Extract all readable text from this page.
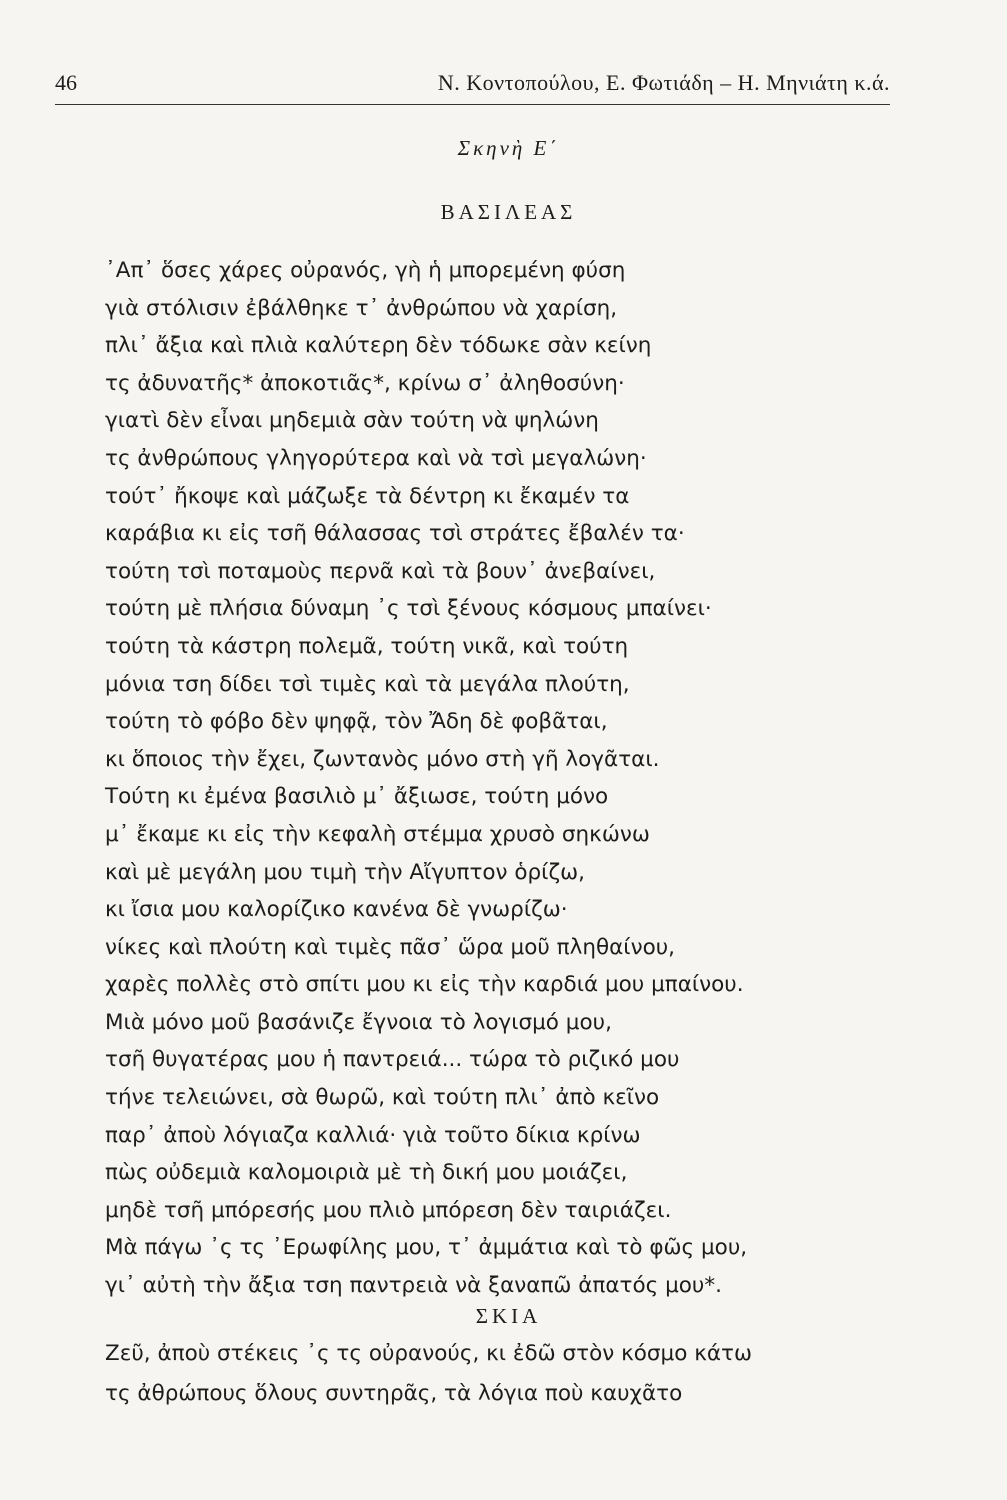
46	Ν. Κοντοπούλου, Ε. Φωτιάδη – Η. Μηνιάτη κ.ά.
Σκηνὴ Ε΄
ΒΑΣΙΛΕΑΣ
᾿Απ᾿ ὅσες χάρες οὐρανός, γὴ ἡ μπορεμένη φύση
γιὰ στόλισιν ἐβάλθηκε τ᾿ ἀνθρώπου νὰ χαρίση,
πλι᾿ ἄξια καὶ πλιὰ καλύτερη δὲν τόδωκε σὰν κείνη
τς ἀδυνατῆς* ἀποκοτιᾶς*, κρίνω σ᾿ ἀληθοσύνη·
γιατὶ δὲν εἶναι μηδεμιὰ σὰν τούτη νὰ ψηλώνη
τς ἀνθρώπους γληγορύτερα καὶ νὰ τσὶ μεγαλώνη·
τούτ᾿ ἤκοψε καὶ μάζωξε τὰ δέντρη κι ἔκαμέν τα
καράβια κι εἰς τσῆ θάλασσας τσὶ στράτες ἔβαλέν τα·
τούτη τσὶ ποταμοὺς περνᾶ καὶ τὰ βουν᾿ ἀνεβαίνει,
τούτη μὲ πλήσια δύναμη ᾿ς τσὶ ξένους κόσμους μπαίνει·
τούτη τὰ κάστρη πολεμᾶ, τούτη νικᾶ, καὶ τούτη
μόνια τση δίδει τσὶ τιμὲς καὶ τὰ μεγάλα πλούτη,
τούτη τὸ φόβο δὲν ψηφᾷ, τὸν Ἄδη δὲ φοβᾶται,
κι ὅποιος τὴν ἔχει, ζωντανὸς μόνο στὴ γῆ λογᾶται.
Τούτη κι ἐμένα βασιλιὸ μ᾿ ἄξιωσε, τούτη μόνο
μ᾿ ἔκαμε κι εἰς τὴν κεφαλὴ στέμμα χρυσὸ σηκώνω
καὶ μὲ μεγάλη μου τιμὴ τὴν Αἴγυπτον ὁρίζω,
κι ἴσια μου καλορίζικο κανένα δὲ γνωρίζω·
νίκες καὶ πλούτη καὶ τιμὲς πᾶσ᾿ ὥρα μοῦ πληθαίνου,
χαρὲς πολλὲς στὸ σπίτι μου κι εἰς τὴν καρδιά μου μπαίνου.
Μιὰ μόνο μοῦ βασάνιζε ἔγνοια τὸ λογισμό μου,
τσῆ θυγατέρας μου ἡ παντρειά... τώρα τὸ ριζικό μου
τήνε τελειώνει, σὰ θωρῶ, καὶ τούτη πλι᾿ ἀπὸ κεῖνο
παρ᾿ ἀποὺ λόγιαζα καλλιά· γιὰ τοῦτο δίκια κρίνω
πὼς οὐδεμιὰ καλομοιριὰ μὲ τὴ δική μου μοιάζει,
μηδὲ τσῆ μπόρεσής μου πλιὸ μπόρεση δὲν ταιριάζει.
Μὰ πάγω ᾿ς τς ᾿Ερωφίλης μου, τ᾿ ἀμμάτια καὶ τὸ φῶς μου,
γι᾿ αὐτὴ τὴν ἄξια τση παντρειὰ νὰ ξαναπῶ ἀπατός μου*.
ΣΚΙΑ
Ζεῦ, ἀποὺ στέκεις ᾿ς τς οὐρανούς, κι ἐδῶ στὸν κόσμο κάτω
τς ἀθρώπους ὅλους συντηρᾶς, τὰ λόγια ποὺ καυχᾶτο
